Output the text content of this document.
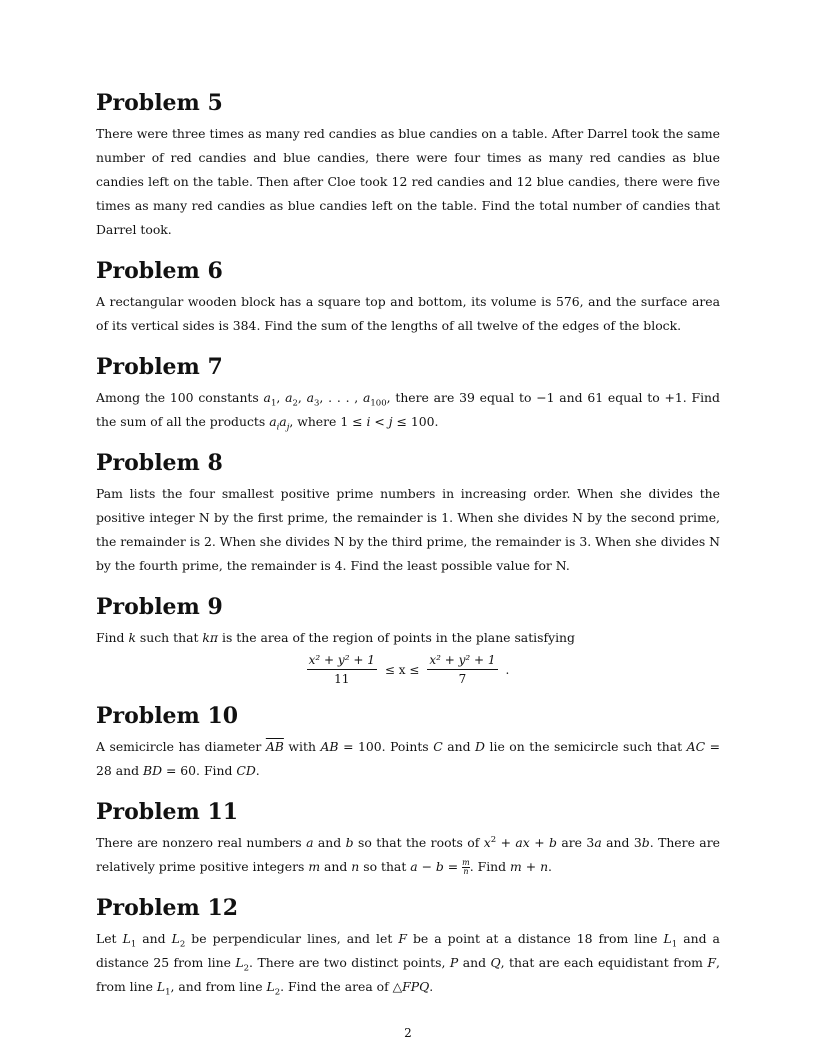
Problem 5

There were three times as many red candies as blue candies on a table. After Darrel took the same number of red candies and blue candies, there were four times as many red candies as blue candies left on the table. Then after Cloe took 12 red candies and 12 blue candies, there were five times as many red candies as blue candies left on the table. Find the total number of candies that Darrel took.

Problem 6

A rectangular wooden block has a square top and bottom, its volume is 576, and the surface area of its vertical sides is 384. Find the sum of the lengths of all twelve of the edges of the block.

Problem 7

Among the 100 constants $a_1$, $a_2$, $a_3$, . . . , $a_{100}$, there are 39 equal to −1 and 61 equal to +1. Find the sum of all the products $a_ia_j$, where 1 ≤ i < j ≤ 100.

Problem 8

Pam lists the four smallest positive prime numbers in increasing order. When she divides the positive integer N by the first prime, the remainder is 1. When she divides N by the second prime, the remainder is 2. When she divides N by the third prime, the remainder is 3. When she divides N by the fourth prime, the remainder is 4. Find the least possible value for N.

Problem 9

Find k such that kπ is the area of the region of points in the plane satisfying

$\frac{\text{x² + y² + 1}}{11} \le x \le \frac{\text{x² + y² + 1}}{7}$ .
Problem 10

A semicircle has diameter $\overline{AB}$ with AB = 100. Points C and D lie on the semicircle such that AC = 28 and BD = 60. Find CD.

Problem 11

There are nonzero real numbers a and b so that the roots of $x^2$ + ax + b are 3a and 3b. There are relatively prime positive integers m and n so that $a - b = \frac{m}{n}$ . Find m + n.

Problem 12

Let $L_1$ and $L_2$ be perpendicular lines, and let F be a point at a distance 18 from line $L_1$ and a distance 25 from line $L_2$. There are two distinct points, P and Q, that are each equidistant from F, from line $L_1$, and from line $L_2$. Find the area of △FPQ.

2
